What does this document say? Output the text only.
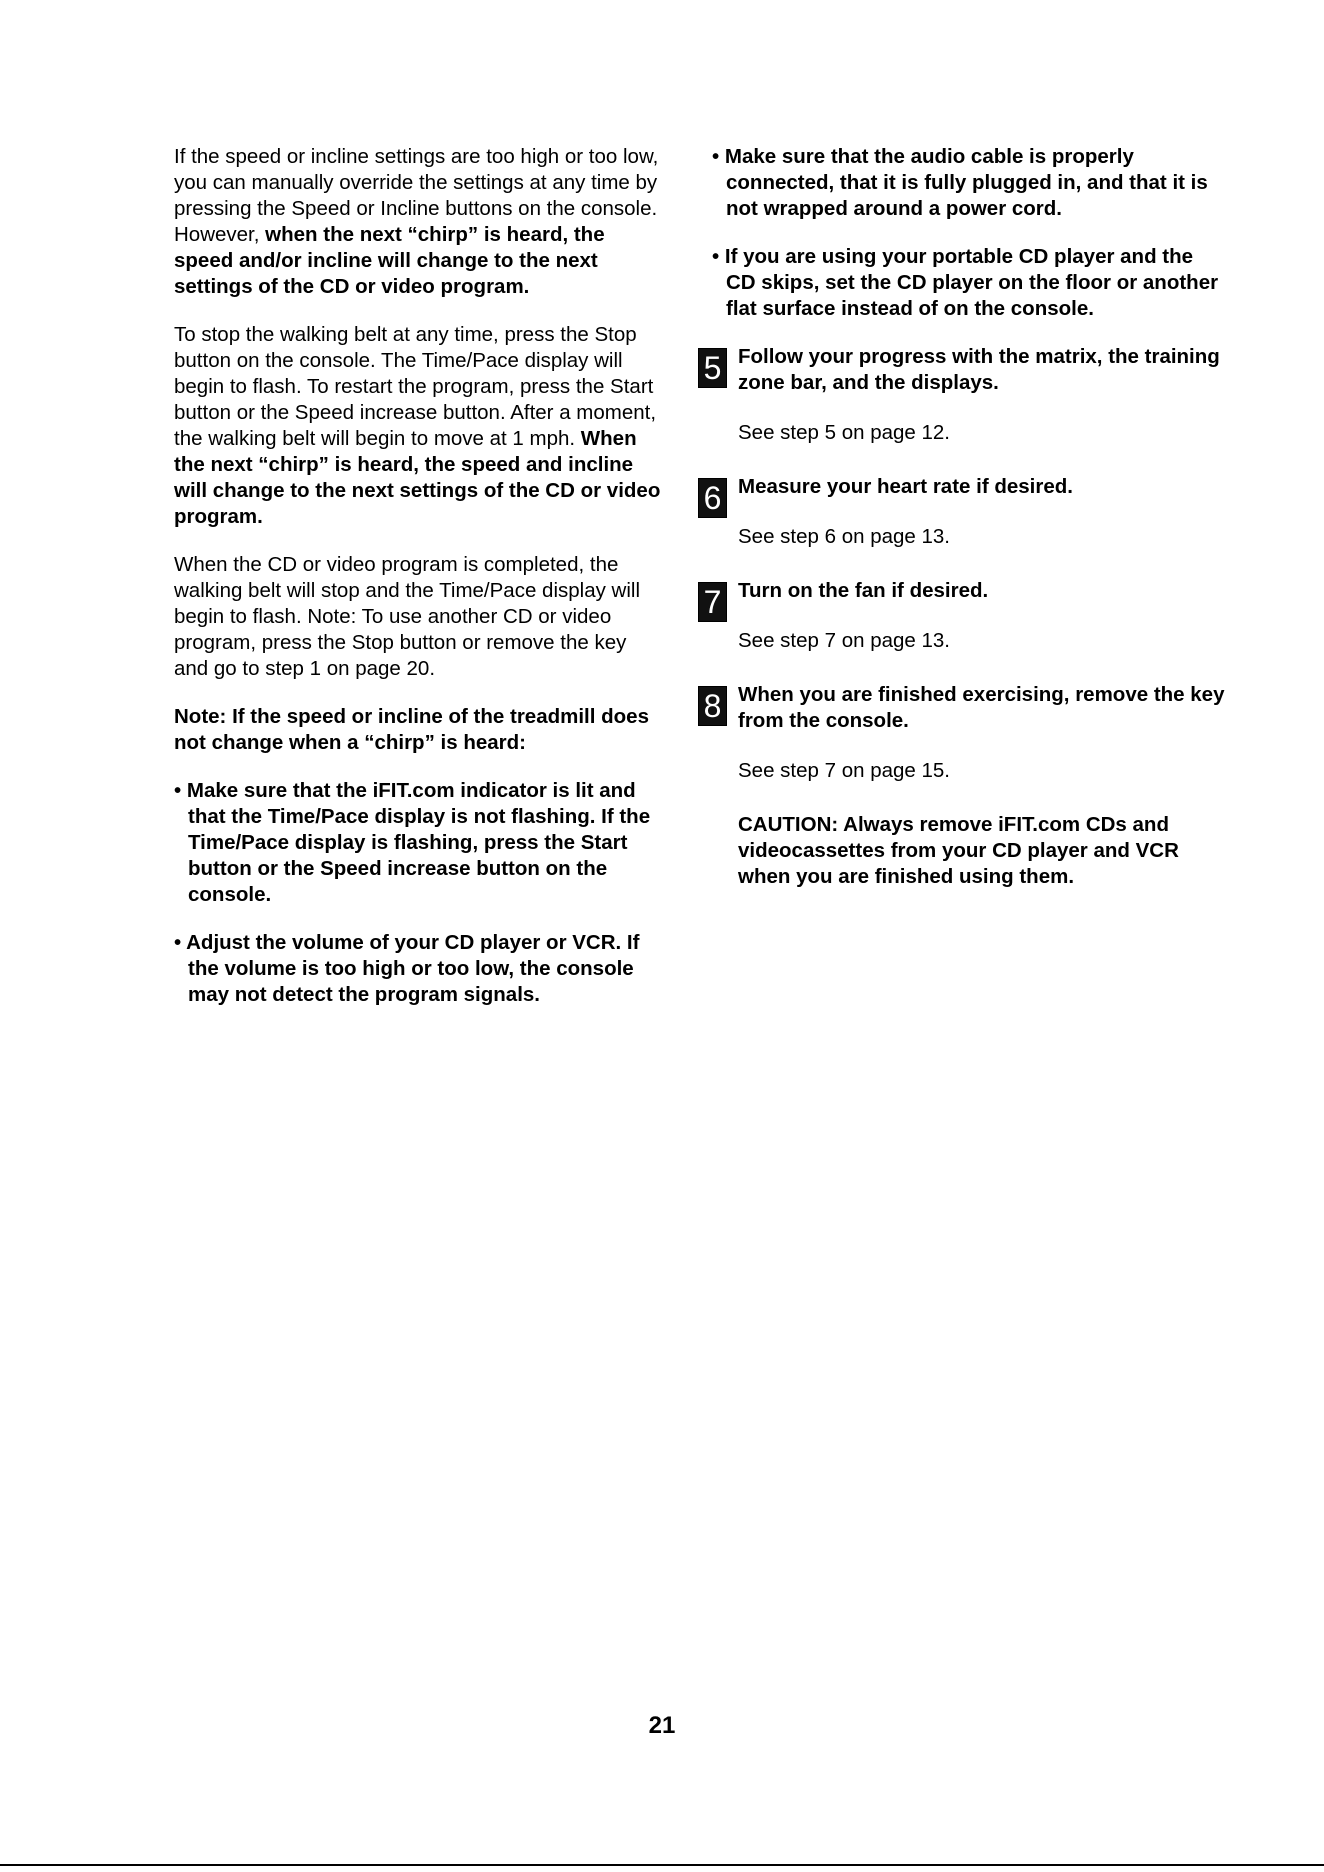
If the speed or incline settings are too high or too low, you can manually override the settings at any time by pressing the Speed or Incline buttons on the console. However, when the next “chirp” is heard, the speed and/or incline will change to the next settings of the CD or video program.

To stop the walking belt at any time, press the Stop button on the console. The Time/Pace display will begin to flash. To restart the program, press the Start button or the Speed increase button. After a moment, the walking belt will begin to move at 1 mph. When the next “chirp” is heard, the speed and incline will change to the next settings of the CD or video program.

When the CD or video program is completed, the walking belt will stop and the Time/Pace display will begin to flash. Note: To use another CD or video program, press the Stop button or remove the key and go to step 1 on page 20.

Note: If the speed or incline of the treadmill does not change when a “chirp” is heard:

• Make sure that the iFIT.com indicator is lit and that the Time/Pace display is not flashing. If the Time/Pace display is flashing, press the Start button or the Speed increase button on the console.

• Adjust the volume of your CD player or VCR. If the volume is too high or too low, the console may not detect the program signals.

• Make sure that the audio cable is properly connected, that it is fully plugged in, and that it is not wrapped around a power cord.

• If you are using your portable CD player and the CD skips, set the CD player on the floor or another flat surface instead of on the console.

5 Follow your progress with the matrix, the training zone bar, and the displays.

See step 5 on page 12.

6 Measure your heart rate if desired.

See step 6 on page 13.

7 Turn on the fan if desired.

See step 7 on page 13.

8 When you are finished exercising, remove the key from the console.

See step 7 on page 15.

CAUTION: Always remove iFIT.com CDs and videocassettes from your CD player and VCR when you are finished using them.

21
